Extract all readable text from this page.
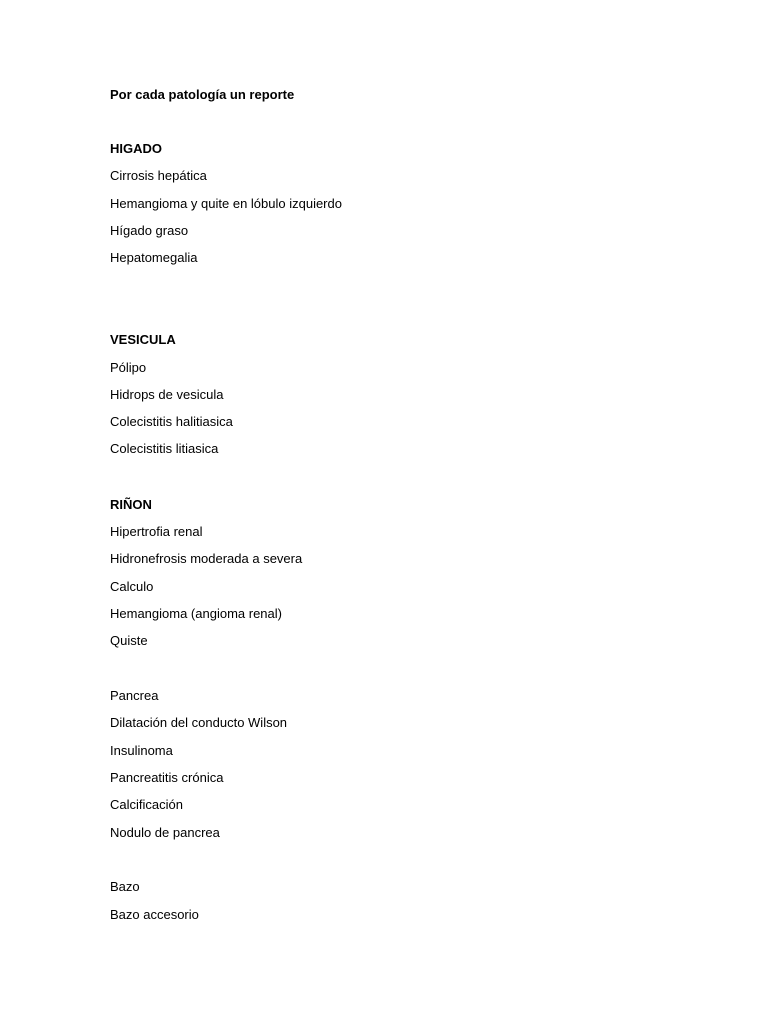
Por cada patología un reporte
HIGADO
Cirrosis hepática
Hemangioma y quite en lóbulo izquierdo
Hígado graso
Hepatomegalia
VESICULA
Pólipo
Hidrops de vesicula
Colecistitis halitiasica
Colecistitis litiasica
RIÑON
Hipertrofia renal
Hidronefrosis moderada a severa
Calculo
Hemangioma (angioma renal)
Quiste
Pancrea
Dilatación del conducto Wilson
Insulinoma
Pancreatitis crónica
Calcificación
Nodulo de pancrea
Bazo
Bazo accesorio
